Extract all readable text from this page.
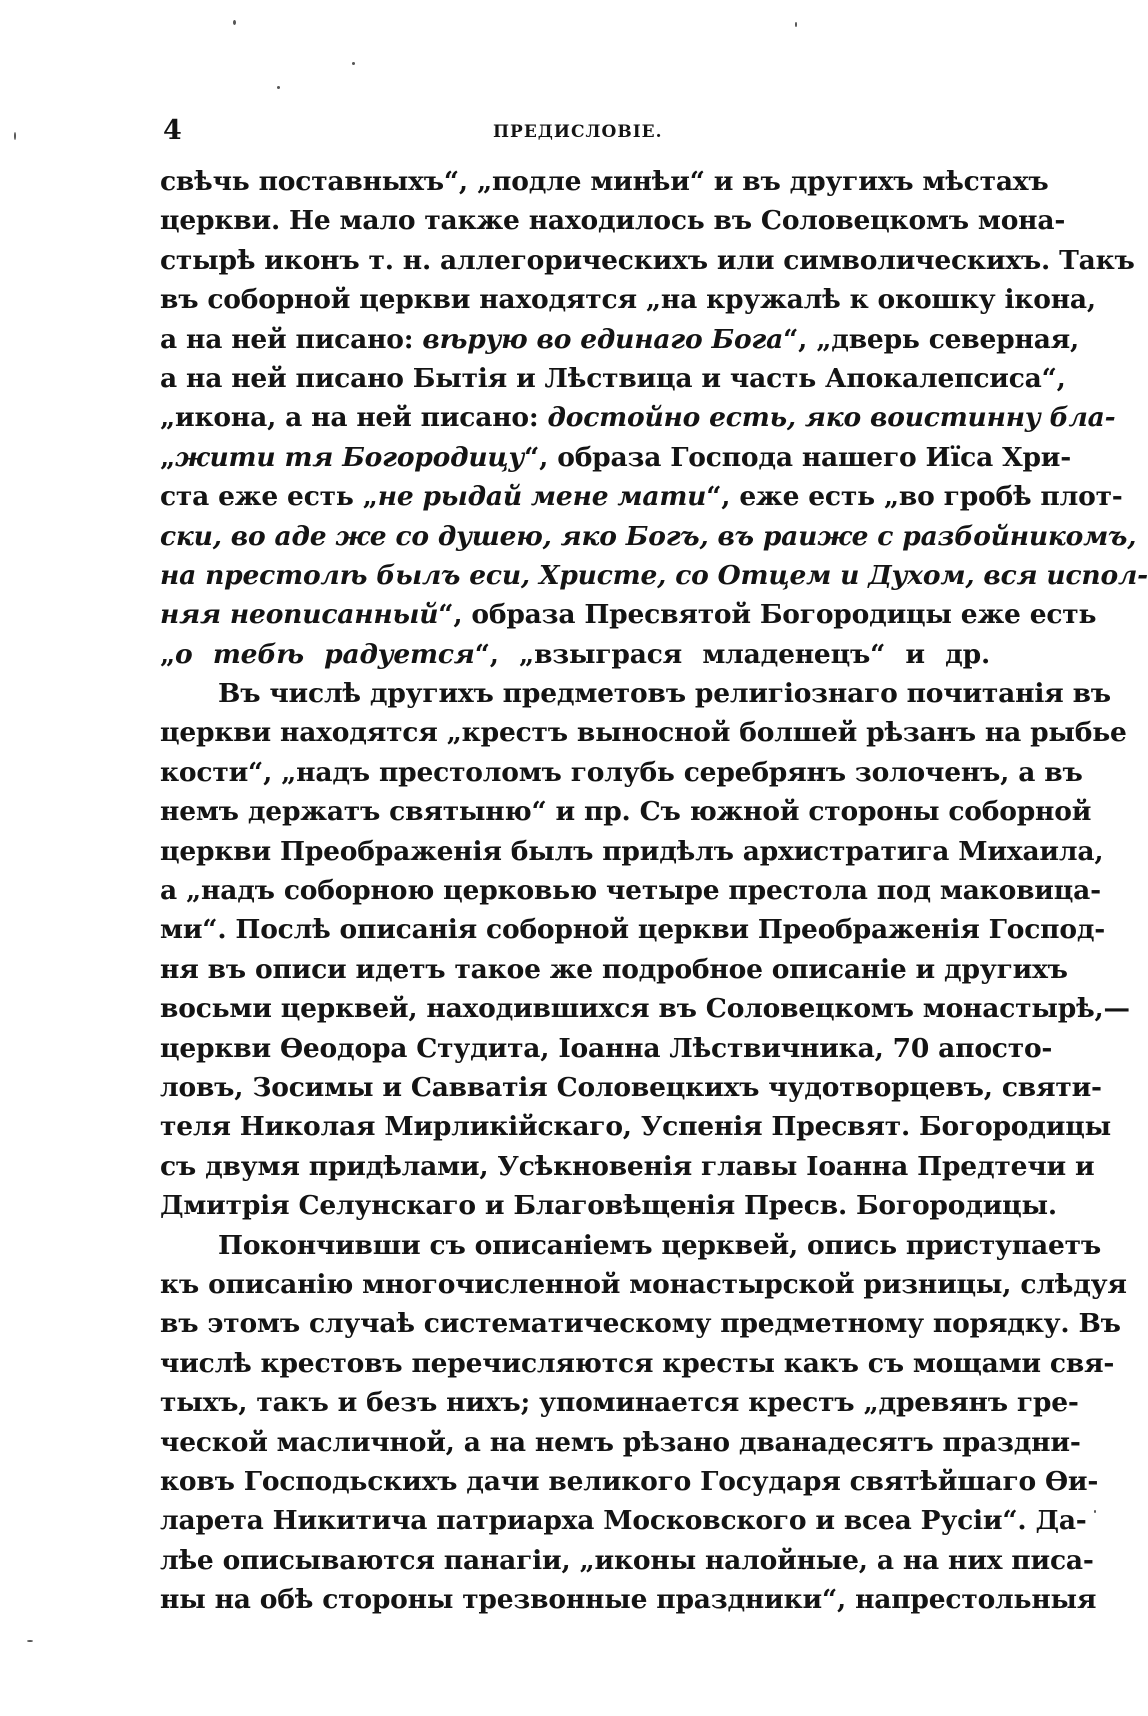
4	ПРЕДИСЛОВІЕ.
свѣчь поставныхъ“, „подле минѣи“ и въ другихъ мѣстахъ
церкви. Не мало также находилось въ Соловецкомъ мона-
стырѣ иконъ т. н. аллегорическихъ или символическихъ. Такъ
въ соборной церкви находятся „на кружалѣ к окошку ікона,
а на ней писано: вѣрую во единаго Бога“, „дверь северная,
а на ней писано Бытія и Лѣствица и часть Апокалепсиса“,
„икона, а на ней писано: достойно есть, яко воистинну бла-
„жити тя Богородицу“, образа Господа нашего Иїса Хри-
ста еже есть „не рыдай мене мати“, еже есть „во гробѣ плот-
ски, во аде же со душею, яко Богъ, въ раиже с разбойникомъ,
на престолѣ былъ еси, Христе, со Отцем и Духом, вся испол-
няя неописанный“, образа Пресвятой Богородицы еже есть
„о тебѣ радуется“, „взыграся младенецъ“ и др.
Въ числѣ другихъ предметовъ религіознаго почитанія въ
церкви находятся „крестъ выносной болшей рѣзанъ на рыбье
кости“, „надъ престоломъ голубь серебрянъ золоченъ, а въ
немъ держатъ святыню“ и пр. Съ южной стороны соборной
церкви Преображенія былъ придѣлъ архистратига Михаила,
а „надъ соборною церковью четыре престола под маковица-
ми“. Послѣ описанія соборной церкви Преображенія Господ-
ня въ описи идетъ такое же подробное описаніе и другихъ
восьми церквей, находившихся въ Соловецкомъ монастырѣ,—
церкви Ѳеодора Студита, Іоанна Лѣствичника, 70 апосто-
ловъ, Зосимы и Савватія Соловецкихъ чудотворцевъ, святи-
теля Николая Мирликійскаго, Успенія Пресвят. Богородицы
съ двумя придѣлами, Усѣкновенія главы Іоанна Предтечи и
Дмитрія Селунскаго и Благовѣщенія Пресв. Богородицы.
Покончивши съ описаніемъ церквей, опись приступаетъ
къ описанію многочисленной монастырской ризницы, слѣдуя
въ этомъ случаѣ систематическому предметному порядку. Въ
числѣ крестовъ перечисляются кресты какъ съ мощами свя-
тыхъ, такъ и безъ нихъ; упоминается крестъ „древянъ гре-
ческой масличной, а на немъ рѣзано дванадесятъ праздни-
ковъ Господьскихъ дачи великого Государя святѣйшаго Ѳи-
ларета Никитича патриарха Московского и всеа Русіи“. Да-
лѣе описываются панагіи, „иконы налойные, а на них писа-
ны на обѣ стороны трезвонные праздники“, напрестольныя
